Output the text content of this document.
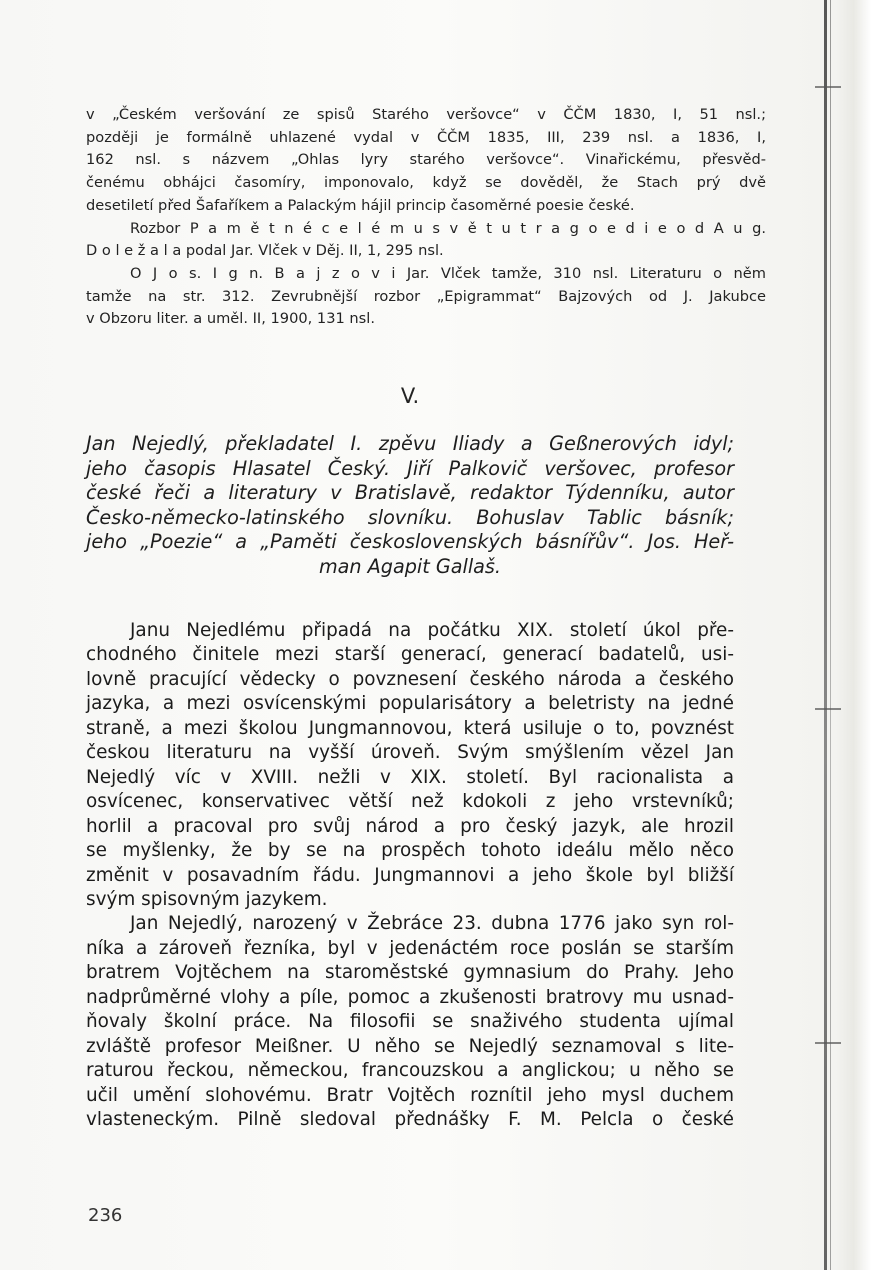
v „Českém veršování ze spisů Starého veršovce“ v ČČM 1830, I, 51 nsl.;
později je formálně uhlazené vydal v ČČM 1835, III, 239 nsl. a 1836, I,
162 nsl. s názvem „Ohlas lyry starého veršovce“. Vinařickému, přesvěd-
čenému obhájci časomíry, imponovalo, když se dověděl, že Stach prý dvě
desetiletí před Šafaříkem a Palackým hájil princip časoměrné poesie české.
Rozbor P a m ě t n é c e l é m u s v ě t u t r a g o e d i e o d A u g.
D o l e ž a l a podal Jar. Vlček v Děj. II, 1, 295 nsl.
O J o s. I g n. B a j z o v i Jar. Vlček tamže, 310 nsl. Literaturu o něm
tamže na str. 312. Zevrubnější rozbor „Epigrammat“ Bajzových od J. Jakubce
v Obzoru liter. a uměl. II, 1900, 131 nsl.
V.
Jan Nejedlý, překladatel I. zpěvu Iliady a Geßnerových idyl;
jeho časopis Hlasatel Český. Jiří Palkovič veršovec, profesor
české řeči a literatury v Bratislavě, redaktor Týdenníku, autor
Česko-německo-latinského slovníku. Bohuslav Tablic básník;
jeho „Poezie“ a „Paměti československých básnířův“. Jos. Heř-
man Agapit Gallaš.
Janu Nejedlému připadá na počátku XIX. století úkol pře-
chodného činitele mezi starší generací, generací badatelů, usi-
lovně pracující vědecky o povznesení českého národa a českého
jazyka, a mezi osvícenskými popularisátory a beletristy na jedné
straně, a mezi školou Jungmannovou, která usiluje o to, povznést
českou literaturu na vyšší úroveň. Svým smýšlením vězel Jan
Nejedlý víc v XVIII. nežli v XIX. století. Byl racionalista a
osvícenec, konservativec větší než kdokoli z jeho vrstevníků;
horlil a pracoval pro svůj národ a pro český jazyk, ale hrozil
se myšlenky, že by se na prospěch tohoto ideálu mělo něco
změnit v posavadním řádu. Jungmannovi a jeho škole byl bližší
svým spisovným jazykem.
Jan Nejedlý, narozený v Žebráce 23. dubna 1776 jako syn rol-
níka a zároveň řezníka, byl v jedenáctém roce poslán se starším
bratrem Vojtěchem na staroměstské gymnasium do Prahy. Jeho
nadprůměrné vlohy a píle, pomoc a zkušenosti bratrovy mu usnad-
ňovaly školní práce. Na filosofii se snaživého studenta ujímal
zvláště profesor Meißner. U něho se Nejedlý seznamoval s lite-
raturou řeckou, německou, francouzskou a anglickou; u něho se
učil umění slohovému. Bratr Vojtěch roznítil jeho mysl duchem
vlasteneckým. Pilně sledoval přednášky F. M. Pelcla o české
236
